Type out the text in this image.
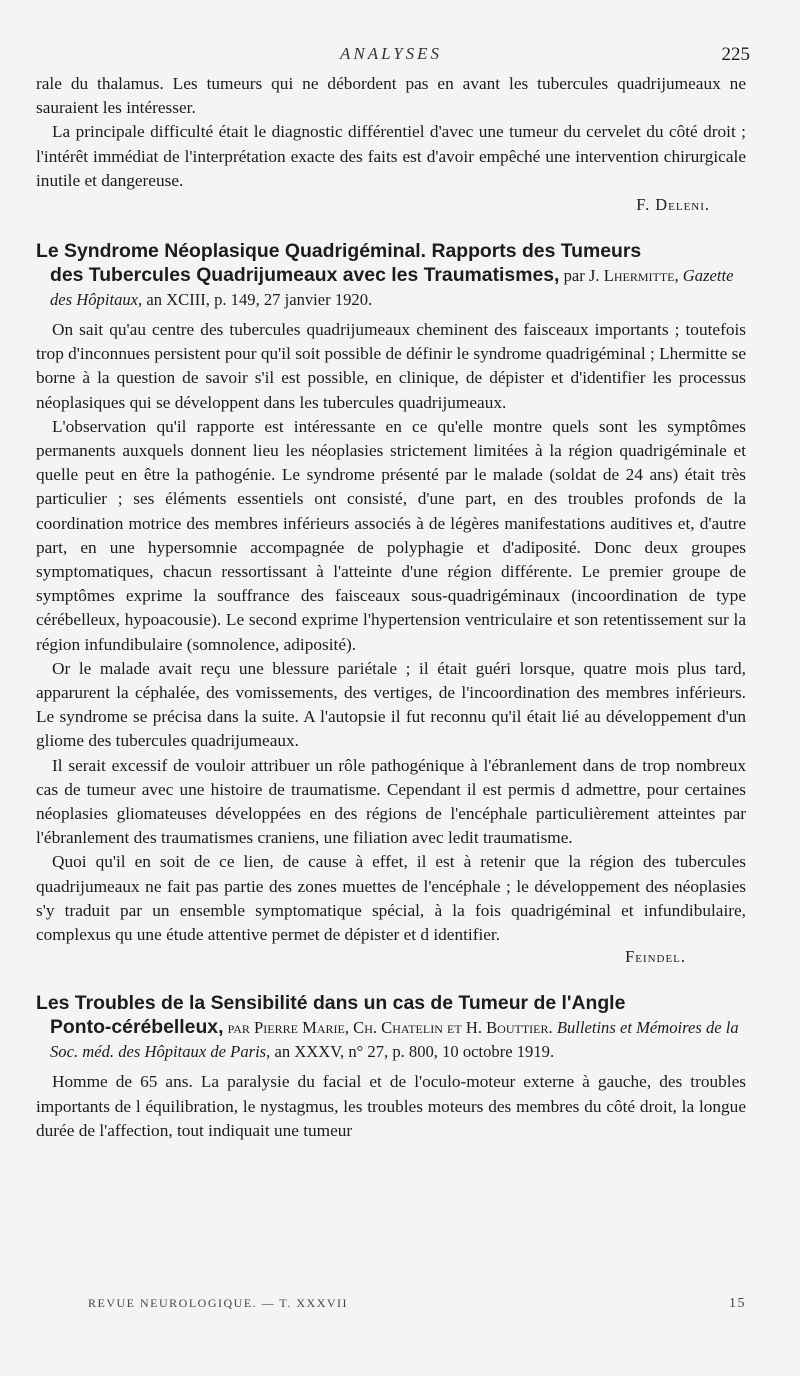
ANALYSES	225

rale du thalamus. Les tumeurs qui ne débordent pas en avant les tubercules quadrijumeaux ne sauraient les intéresser.

La principale difficulté était le diagnostic différentiel d'avec une tumeur du cervelet du côté droit ; l'intérêt immédiat de l'interprétation exacte des faits est d'avoir empêché une intervention chirurgicale inutile et dangereuse.

F. Deleni.
Le Syndrome Néoplasique Quadrigéminal. Rapports des Tumeurs
des Tubercules Quadrijumeaux avec les Traumatismes, par J. Lhermitte, Gazette des Hôpitaux, an XCIII, p. 149, 27 janvier 1920.

On sait qu'au centre des tubercules quadrijumeaux cheminent des faisceaux importants ; toutefois trop d'inconnues persistent pour qu'il soit possible de définir le syndrome quadrigéminal ; Lhermitte se borne à la question de savoir s'il est possible, en clinique, de dépister et d'identifier les processus néoplasiques qui se développent dans les tubercules quadrijumeaux.

L'observation qu'il rapporte est intéressante en ce qu'elle montre quels sont les symptômes permanents auxquels donnent lieu les néoplasies strictement limitées à la région quadrigéminale et quelle peut en être la pathogénie. Le syndrome présenté par le malade (soldat de 24 ans) était très particulier ; ses éléments essentiels ont consisté, d'une part, en des troubles profonds de la coordination motrice des membres inférieurs associés à de légères manifestations auditives et, d'autre part, en une hypersomnie accompagnée de polyphagie et d'adiposité. Donc deux groupes symptomatiques, chacun ressortissant à l'atteinte d'une région différente. Le premier groupe de symptômes exprime la souffrance des faisceaux sous-quadrigéminaux (incoordination de type cérébelleux, hypoacousie). Le second exprime l'hypertension ventriculaire et son retentissement sur la région infundibulaire (somnolence, adiposité).

Or le malade avait reçu une blessure pariétale ; il était guéri lorsque, quatre mois plus tard, apparurent la céphalée, des vomissements, des vertiges, de l'incoordination des membres inférieurs. Le syndrome se précisa dans la suite. A l'autopsie il fut reconnu qu'il était lié au développement d'un gliome des tubercules quadrijumeaux.

Il serait excessif de vouloir attribuer un rôle pathogénique à l'ébranlement dans de trop nombreux cas de tumeur avec une histoire de traumatisme. Cependant il est permis d admettre, pour certaines néoplasies gliomateuses développées en des régions de l'encéphale particulièrement atteintes par l'ébranlement des traumatismes craniens, une filiation avec ledit traumatisme.

Quoi qu'il en soit de ce lien, de cause à effet, il est à retenir que la région des tubercules quadrijumeaux ne fait pas partie des zones muettes de l'encéphale ; le développement des néoplasies s'y traduit par un ensemble symptomatique spécial, à la fois quadrigéminal et infundibulaire, complexus qu une étude attentive permet de dépister et d identifier.

Feindel.
Les Troubles de la Sensibilité dans un cas de Tumeur de l'Angle
Ponto-cérébelleux, par Pierre Marie, Ch. Chatelin et H. Bouttier. Bulletins et Mémoires de la Soc. méd. des Hôpitaux de Paris, an XXXV, n° 27, p. 800, 10 octobre 1919.

Homme de 65 ans. La paralysie du facial et de l'oculo-moteur externe à gauche, des troubles importants de l équilibration, le nystagmus, les troubles moteurs des membres du côté droit, la longue durée de l'affection, tout indiquait une tumeur

REVUE NEUROLOGIQUE. — T. XXXVII	15
